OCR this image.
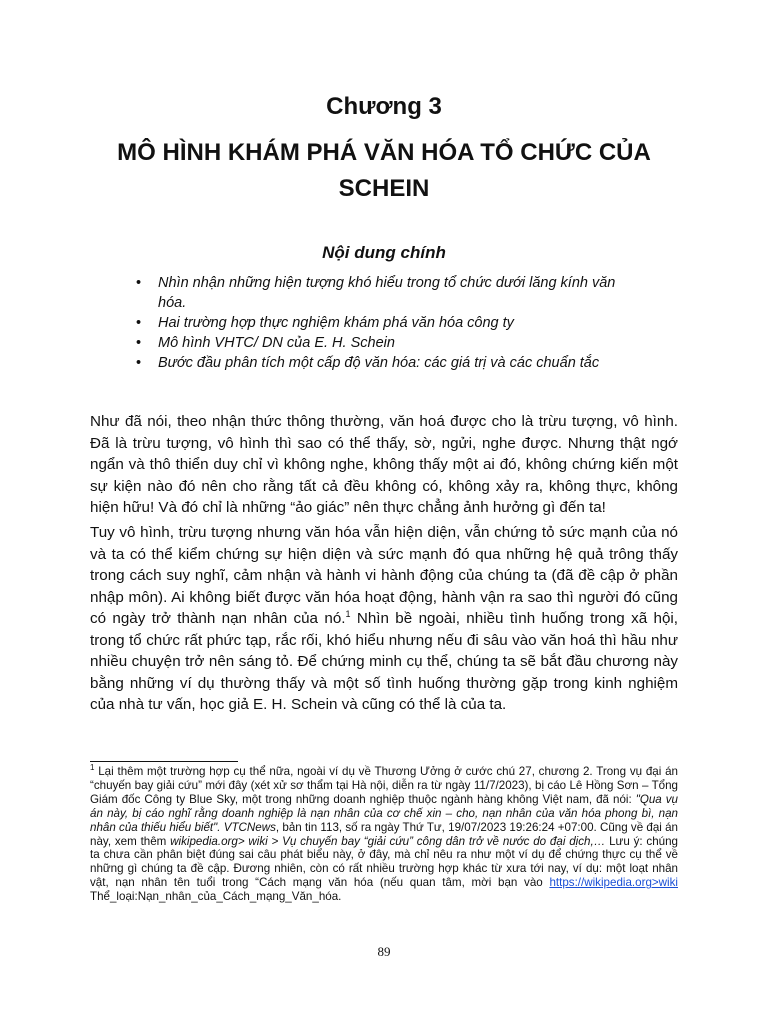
Chương 3
MÔ HÌNH KHÁM PHÁ VĂN HÓA TỔ CHỨC CỦA SCHEIN
Nội dung chính
• Nhìn nhận những hiện tượng khó hiểu trong tổ chức dưới lăng kính văn hóa.
• Hai trường hợp thực nghiệm khám phá văn hóa công ty
• Mô hình VHTC/ DN của E. H. Schein
• Bước đầu phân tích một cấp độ văn hóa: các giá trị và các chuẩn tắc

Như đã nói, theo nhận thức thông thường, văn hoá được cho là trừu tượng, vô hình. Đã là trừu tượng, vô hình thì sao có thể thấy, sờ, ngửi, nghe được. Nhưng thật ngớ ngẩn và thô thiển duy chỉ vì không nghe, không thấy một ai đó, không chứng kiến một sự kiện nào đó nên cho rằng tất cả đều không có, không xảy ra, không thực, không hiện hữu! Và đó chỉ là những “ảo giác” nên thực chẳng ảnh hưởng gì đến ta!

Tuy vô hình, trừu tượng nhưng văn hóa vẫn hiện diện, vẫn chứng tỏ sức mạnh của nó và ta có thể kiểm chứng sự hiện diện và sức mạnh đó qua những hệ quả trông thấy trong cách suy nghĩ, cảm nhận và hành vi hành động của chúng ta (đã đề cập ở phần nhập môn). Ai không biết được văn hóa hoạt động, hành vận ra sao thì người đó cũng có ngày trở thành nạn nhân của nó.$^1$ Nhìn bề ngoài, nhiều tình huống trong xã hội, trong tổ chức rất phức tạp, rắc rối, khó hiểu nhưng nếu đi sâu vào văn hoá thì hầu như nhiều chuyện trở nên sáng tỏ. Để chứng minh cụ thể, chúng ta sẽ bắt đầu chương này bằng những ví dụ thường thấy và một số tình huống thường gặp trong kinh nghiệm của nhà tư vấn, học giả E. H. Schein và cũng có thể là của ta.

$^1$ Lại thêm một trường hợp cụ thể nữa, ngoài ví dụ về Thương Ưởng ở cước chú 27, chương 2. Trong vụ đại án “chuyến bay giải cứu” mới đây (xét xử sơ thẩm tại Hà nội, diễn ra từ ngày 11/7/2023), bị cáo Lê Hồng Sơn – Tổng Giám đốc Công ty Blue Sky, một trong những doanh nghiệp thuộc ngành hàng không Việt nam, đã nói: "Qua vụ án này, bị cáo nghĩ rằng doanh nghiệp là nạn nhân của cơ chế xin – cho, nạn nhân của văn hóa phong bì, nạn nhân của thiếu hiểu biết". VTCNews, bản tin 113, số ra ngày Thứ Tư, 19/07/2023 19:26:24 +07:00. Cũng về đại án này, xem thêm wikipedia.org> wiki > Vụ chuyến bay “giải cứu” công dân trở về nước do đại dịch,… Lưu ý: chúng ta chưa cần phân biệt đúng sai câu phát biểu này, ở đây, mà chỉ nêu ra như một ví dụ để chứng thực cụ thể về những gì chúng ta đề cập. Đương nhiên, còn có rất nhiều trường hợp khác từ xưa tới nay, ví dụ: một loạt nhân vật, nạn nhân tên tuổi trong “Cách mạng văn hóa (nếu quan tâm, mời bạn vào https://wikipedia.org>wiki Thể_loại:Nạn_nhân_của_Cách_mạng_Văn_hóa.

89
